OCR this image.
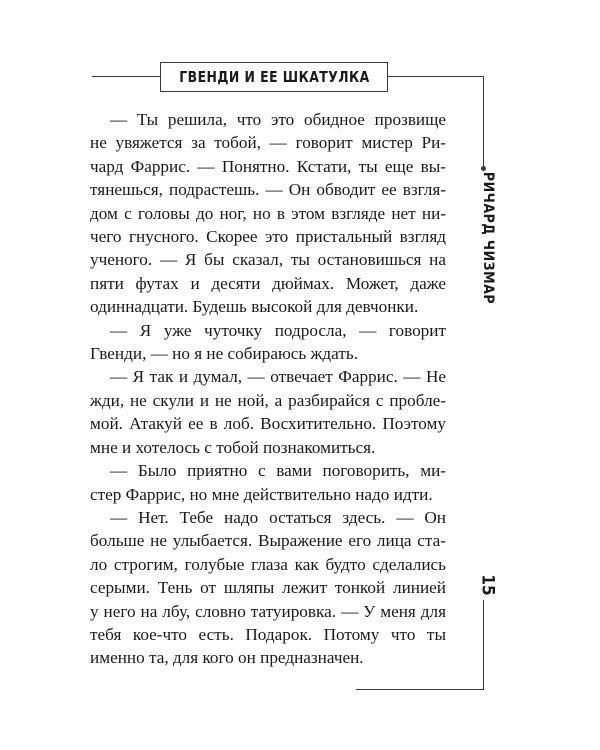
ГВЕНДИ И ЕЕ ШКАТУЛКА
РИЧАРД ЧИЗМАР
15
— Ты решила, что это обидное прозвище
не увяжется за тобой, — говорит мистер Ри-
чард Фаррис. — Понятно. Кстати, ты еще вы-
тянешься, подрастешь. — Он обводит ее взгля-
дом с головы до ног, но в этом взгляде нет ни-
чего гнусного. Скорее это пристальный взгляд
ученого. — Я бы сказал, ты остановишься на
пяти футах и десяти дюймах. Может, даже
одиннадцати. Будешь высокой для девчонки.
— Я уже чуточку подросла, — говорит
Гвенди, — но я не собираюсь ждать.
— Я так и думал, — отвечает Фаррис. — Не
жди, не скули и не ной, а разбирайся с пробле-
мой. Атакуй ее в лоб. Восхитительно. Поэтому
мне и хотелось с тобой познакомиться.
— Было приятно с вами поговорить, ми-
стер Фаррис, но мне действительно надо идти.
— Нет. Тебе надо остаться здесь. — Он
больше не улыбается. Выражение его лица ста-
ло строгим, голубые глаза как будто сделались
серыми. Тень от шляпы лежит тонкой линией
у него на лбу, словно татуировка. — У меня для
тебя кое-что есть. Подарок. Потому что ты
именно та, для кого он предназначен.
